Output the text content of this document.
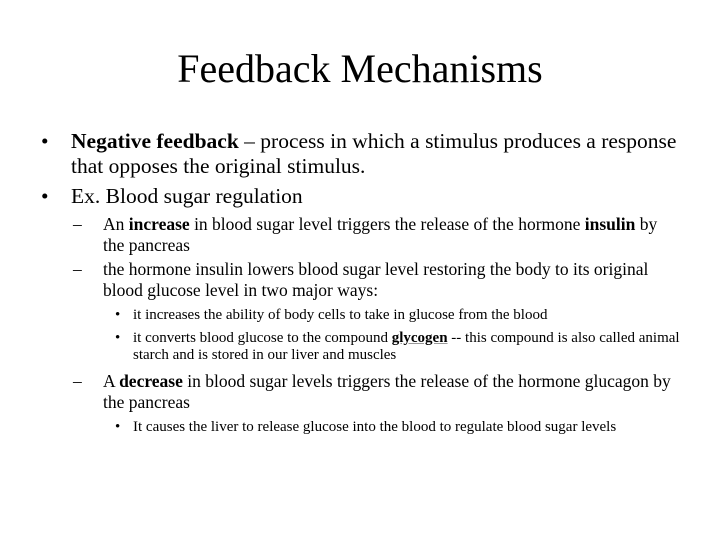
Feedback Mechanisms
• Negative feedback – process in which a stimulus produces a response that opposes the original stimulus.
• Ex. Blood sugar regulation
– An increase in blood sugar level triggers the release of the hormone insulin by the pancreas
– the hormone insulin lowers blood sugar level restoring the body to its original blood glucose level in two major ways:
• it increases the ability of body cells to take in glucose from the blood
• it converts blood glucose to the compound glycogen -- this compound is also called animal starch and is stored in our liver and muscles
– A decrease in blood sugar levels triggers the release of the hormone glucagon by the pancreas
• It causes the liver to release glucose into the blood to regulate blood sugar levels
